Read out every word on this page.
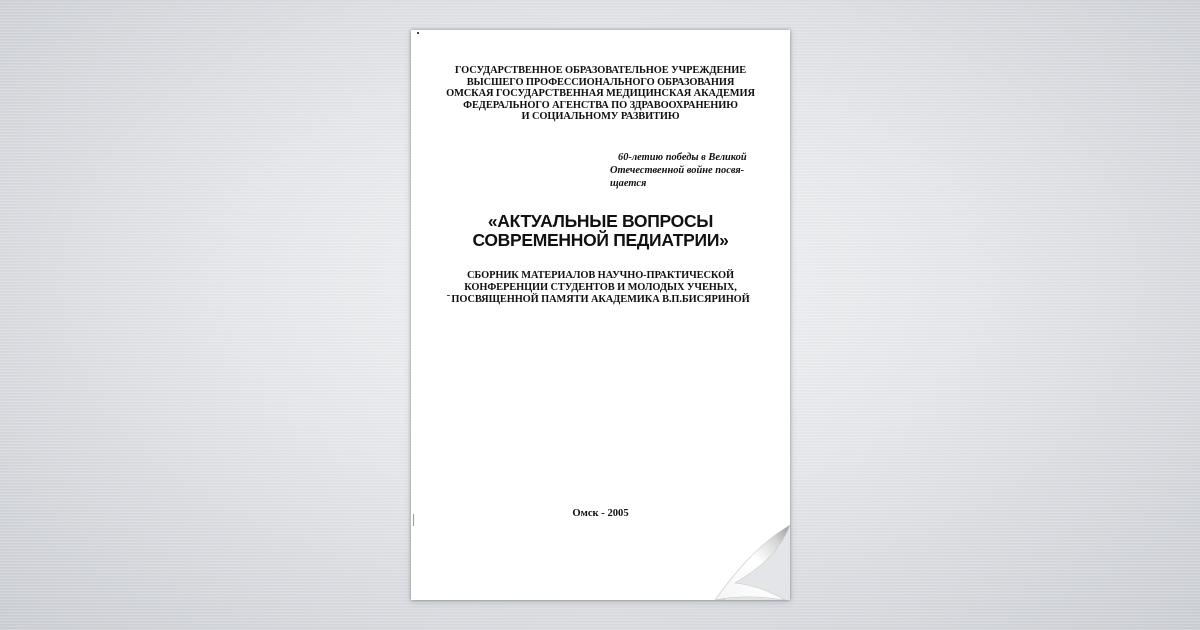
ГОСУДАРСТВЕННОЕ ОБРАЗОВАТЕЛЬНОЕ УЧРЕЖДЕНИЕ
ВЫСШЕГО ПРОФЕССИОНАЛЬНОГО ОБРАЗОВАНИЯ
ОМСКАЯ ГОСУДАРСТВЕННАЯ МЕДИЦИНСКАЯ АКАДЕМИЯ
ФЕДЕРАЛЬНОГО АГЕНСТВА ПО ЗДРАВООХРАНЕНИЮ
И СОЦИАЛЬНОМУ РАЗВИТИЮ
60-летию победы в Великой
Отечественной войне посвя-
щается
«АКТУАЛЬНЫЕ ВОПРОСЫ
СОВРЕМЕННОЙ ПЕДИАТРИИ»
СБОРНИК МАТЕРИАЛОВ НАУЧНО-ПРАКТИЧЕСКОЙ
КОНФЕРЕНЦИИ СТУДЕНТОВ И МОЛОДЫХ УЧЕНЫХ,
ПОСВЯЩЕННОЙ ПАМЯТИ АКАДЕМИКА В.П.БИСЯРИНОЙ
Омск - 2005
